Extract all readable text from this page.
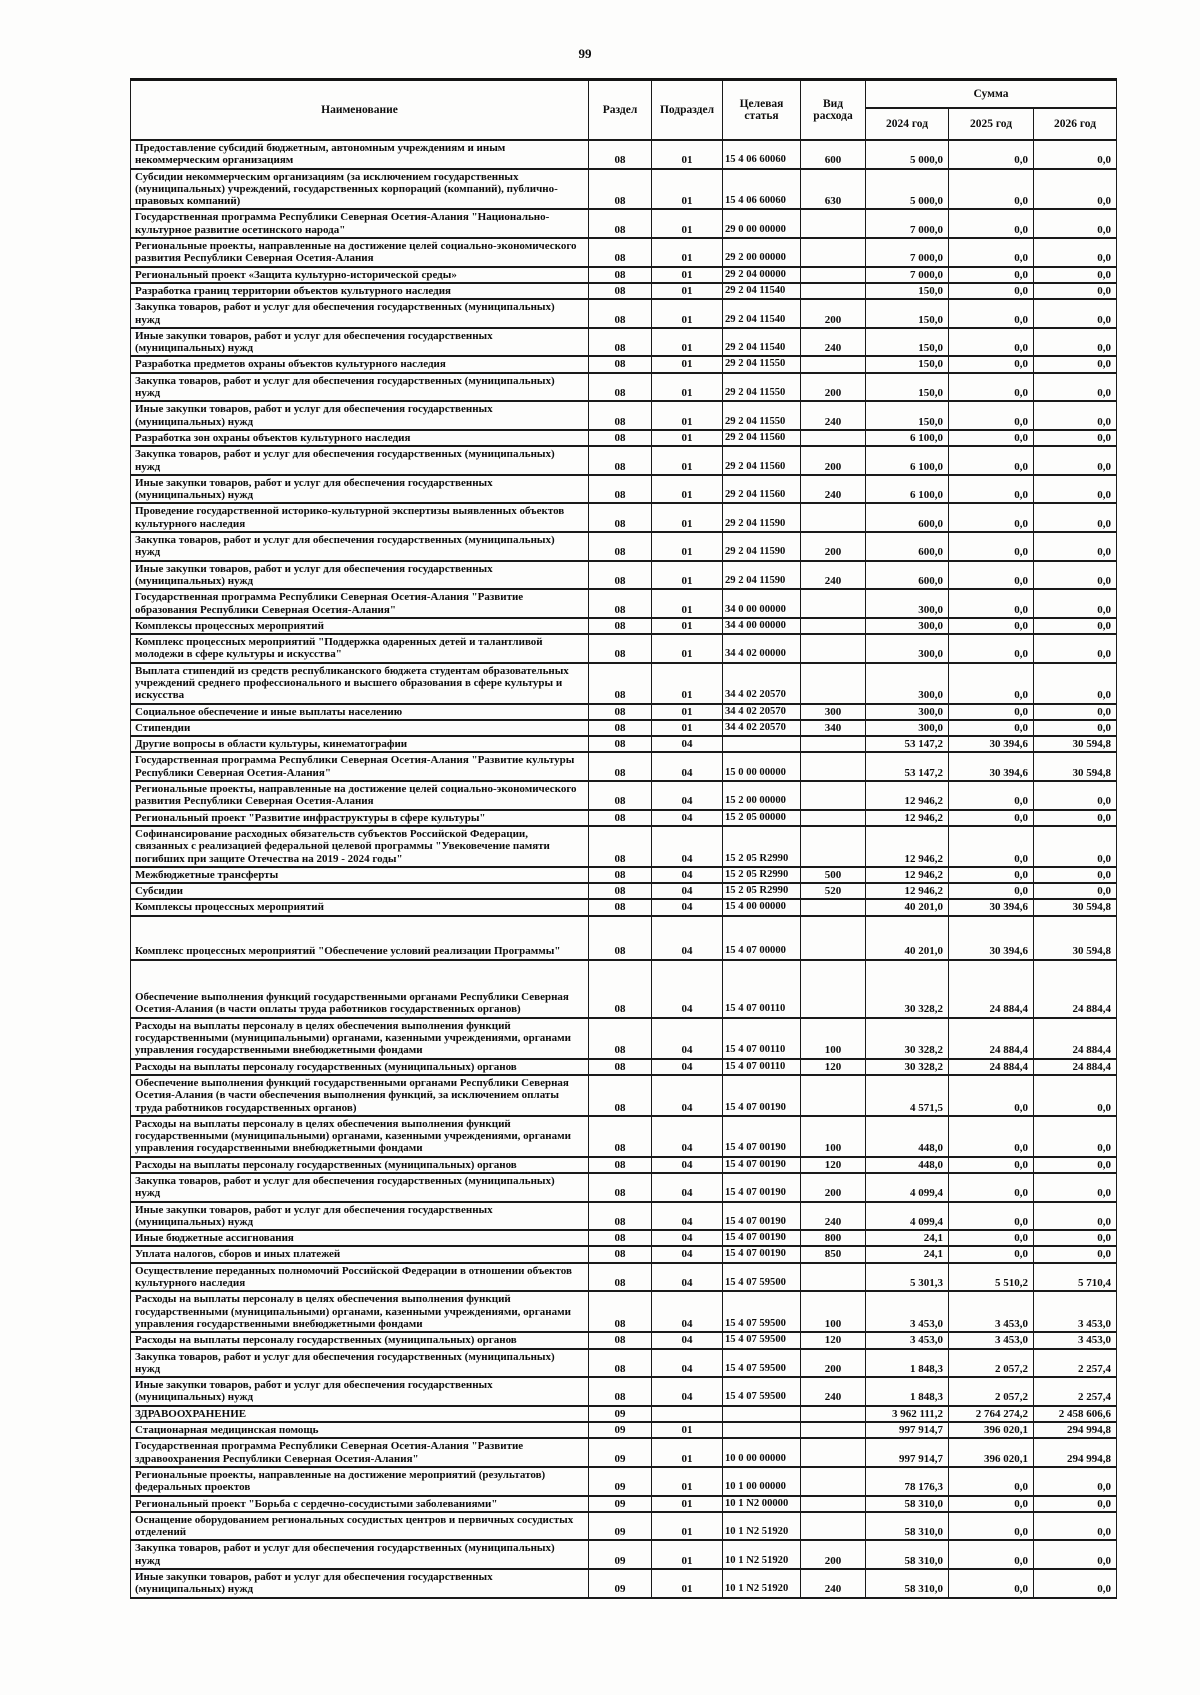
99
Наименование	Раздел	Подраздел	Целевая статья	Вид расхода	Сумма		
					2024 год	2025 год	2026 год
Предоставление субсидий бюджетным, автономным учреждениям и иным некоммерческим организациям	08	01	15 4 06 60060	600	5 000,0	0,0	0,0
Субсидии некоммерческим организациям (за исключением государственных (муниципальных) учреждений, государственных корпораций (компаний), публично-правовых компаний)	08	01	15 4 06 60060	630	5 000,0	0,0	0,0
Государственная программа Республики Северная Осетия-Алания "Национально-культурное развитие осетинского народа"	08	01	29 0 00 00000		7 000,0	0,0	0,0
Региональные проекты, направленные на достижение целей социально-экономического развития Республики Северная Осетия-Алания	08	01	29 2 00 00000		7 000,0	0,0	0,0
Региональный проект «Защита культурно-исторической среды»	08	01	29 2 04 00000		7 000,0	0,0	0,0
Разработка границ территории объектов культурного наследия	08	01	29 2 04 11540		150,0	0,0	0,0
Закупка товаров, работ и услуг для обеспечения государственных (муниципальных) нужд	08	01	29 2 04 11540	200	150,0	0,0	0,0
Иные закупки товаров, работ и услуг для обеспечения государственных (муниципальных) нужд	08	01	29 2 04 11540	240	150,0	0,0	0,0
Разработка предметов охраны объектов культурного наследия	08	01	29 2 04 11550		150,0	0,0	0,0
Закупка товаров, работ и услуг для обеспечения государственных (муниципальных) нужд	08	01	29 2 04 11550	200	150,0	0,0	0,0
Иные закупки товаров, работ и услуг для обеспечения государственных (муниципальных) нужд	08	01	29 2 04 11550	240	150,0	0,0	0,0
Разработка зон охраны объектов культурного наследия	08	01	29 2 04 11560		6 100,0	0,0	0,0
Закупка товаров, работ и услуг для обеспечения государственных (муниципальных) нужд	08	01	29 2 04 11560	200	6 100,0	0,0	0,0
Иные закупки товаров, работ и услуг для обеспечения государственных (муниципальных) нужд	08	01	29 2 04 11560	240	6 100,0	0,0	0,0
Проведение государственной историко-культурной экспертизы выявленных объектов культурного наследия	08	01	29 2 04 11590		600,0	0,0	0,0
Закупка товаров, работ и услуг для обеспечения государственных (муниципальных) нужд	08	01	29 2 04 11590	200	600,0	0,0	0,0
Иные закупки товаров, работ и услуг для обеспечения государственных (муниципальных) нужд	08	01	29 2 04 11590	240	600,0	0,0	0,0
Государственная программа Республики Северная Осетия-Алания "Развитие образования Республики Северная Осетия-Алания"	08	01	34 0 00 00000		300,0	0,0	0,0
Комплексы процессных мероприятий	08	01	34 4 00 00000		300,0	0,0	0,0
Комплекс процессных мероприятий "Поддержка одаренных детей и талантливой молодежи в сфере культуры и искусства"	08	01	34 4 02 00000		300,0	0,0	0,0
Выплата стипендий из средств республиканского бюджета студентам образовательных учреждений среднего профессионального и высшего образования в сфере культуры и искусства	08	01	34 4 02 20570		300,0	0,0	0,0
Социальное обеспечение и иные выплаты населению	08	01	34 4 02 20570	300	300,0	0,0	0,0
Стипендии	08	01	34 4 02 20570	340	300,0	0,0	0,0
Другие вопросы в области культуры, кинематографии	08	04			53 147,2	30 394,6	30 594,8
Государственная программа Республики Северная Осетия-Алания "Развитие культуры Республики Северная Осетия-Алания"	08	04	15 0 00 00000		53 147,2	30 394,6	30 594,8
Региональные проекты, направленные на достижение целей социально-экономического развития Республики Северная Осетия-Алания	08	04	15 2 00 00000		12 946,2	0,0	0,0
Региональный проект "Развитие инфраструктуры в сфере культуры"	08	04	15 2 05 00000		12 946,2	0,0	0,0
Софинансирование расходных обязательств субъектов Российской Федерации, связанных с реализацией федеральной целевой программы "Увековечение памяти погибших при защите Отечества на 2019 - 2024 годы"	08	04	15 2 05 R2990		12 946,2	0,0	0,0
Межбюджетные трансферты	08	04	15 2 05 R2990	500	12 946,2	0,0	0,0
Субсидии	08	04	15 2 05 R2990	520	12 946,2	0,0	0,0
Комплексы процессных мероприятий	08	04	15 4 00 00000		40 201,0	30 394,6	30 594,8
Комплекс процессных мероприятий "Обеспечение условий реализации Программы"	08	04	15 4 07 00000		40 201,0	30 394,6	30 594,8
Обеспечение выполнения функций государственными органами Республики Северная Осетия-Алания (в части оплаты труда работников государственных органов)	08	04	15 4 07 00110		30 328,2	24 884,4	24 884,4
Расходы на выплаты персоналу в целях обеспечения выполнения функций государственными (муниципальными) органами, казенными учреждениями, органами управления государственными внебюджетными фондами	08	04	15 4 07 00110	100	30 328,2	24 884,4	24 884,4
Расходы на выплаты персоналу государственных (муниципальных) органов	08	04	15 4 07 00110	120	30 328,2	24 884,4	24 884,4
Обеспечение выполнения функций государственными органами Республики Северная Осетия-Алания (в части обеспечения выполнения функций, за исключением оплаты труда работников государственных органов)	08	04	15 4 07 00190		4 571,5	0,0	0,0
Расходы на выплаты персоналу в целях обеспечения выполнения функций государственными (муниципальными) органами, казенными учреждениями, органами управления государственными внебюджетными фондами	08	04	15 4 07 00190	100	448,0	0,0	0,0
Расходы на выплаты персоналу государственных (муниципальных) органов	08	04	15 4 07 00190	120	448,0	0,0	0,0
Закупка товаров, работ и услуг для обеспечения государственных (муниципальных) нужд	08	04	15 4 07 00190	200	4 099,4	0,0	0,0
Иные закупки товаров, работ и услуг для обеспечения государственных (муниципальных) нужд	08	04	15 4 07 00190	240	4 099,4	0,0	0,0
Иные бюджетные ассигнования	08	04	15 4 07 00190	800	24,1	0,0	0,0
Уплата налогов, сборов и иных платежей	08	04	15 4 07 00190	850	24,1	0,0	0,0
Осуществление переданных полномочий Российской Федерации в отношении объектов культурного наследия	08	04	15 4 07 59500		5 301,3	5 510,2	5 710,4
Расходы на выплаты персоналу в целях обеспечения выполнения функций государственными (муниципальными) органами, казенными учреждениями, органами управления государственными внебюджетными фондами	08	04	15 4 07 59500	100	3 453,0	3 453,0	3 453,0
Расходы на выплаты персоналу государственных (муниципальных) органов	08	04	15 4 07 59500	120	3 453,0	3 453,0	3 453,0
Закупка товаров, работ и услуг для обеспечения государственных (муниципальных) нужд	08	04	15 4 07 59500	200	1 848,3	2 057,2	2 257,4
Иные закупки товаров, работ и услуг для обеспечения государственных (муниципальных) нужд	08	04	15 4 07 59500	240	1 848,3	2 057,2	2 257,4
ЗДРАВООХРАНЕНИЕ	09				3 962 111,2	2 764 274,2	2 458 606,6
Стационарная медицинская помощь	09	01			997 914,7	396 020,1	294 994,8
Государственная программа Республики Северная Осетия-Алания "Развитие здравоохранения Республики Северная Осетия-Алания"	09	01	10 0 00 00000		997 914,7	396 020,1	294 994,8
Региональные проекты, направленные на достижение мероприятий (результатов) федеральных проектов	09	01	10 1 00 00000		78 176,3	0,0	0,0
Региональный проект "Борьба с сердечно-сосудистыми заболеваниями"	09	01	10 1 N2 00000		58 310,0	0,0	0,0
Оснащение оборудованием региональных сосудистых центров и первичных сосудистых отделений	09	01	10 1 N2 51920		58 310,0	0,0	0,0
Закупка товаров, работ и услуг для обеспечения государственных (муниципальных) нужд	09	01	10 1 N2 51920	200	58 310,0	0,0	0,0
Иные закупки товаров, работ и услуг для обеспечения государственных (муниципальных) нужд	09	01	10 1 N2 51920	240	58 310,0	0,0	0,0
